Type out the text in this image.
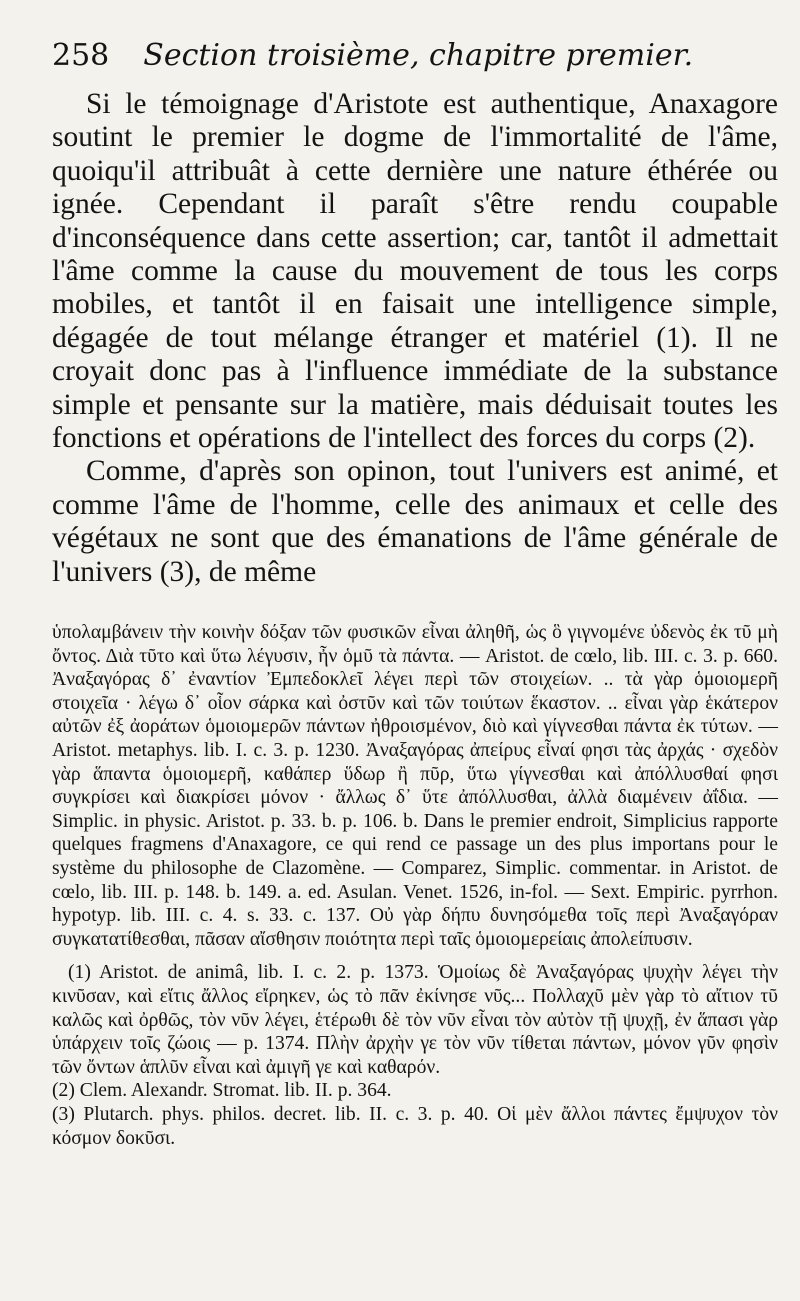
258 Section troisième, chapitre premier.

Si le témoignage d'Aristote est authentique, Anaxagore soutint le premier le dogme de l'immortalité de l'âme, quoiqu'il attribuât à cette dernière une nature éthérée ou ignée. Cependant il paraît s'être rendu coupable d'inconséquence dans cette assertion; car, tantôt il admettait l'âme comme la cause du mouvement de tous les corps mobiles, et tantôt il en faisait une intelligence simple, dégagée de tout mélange étranger et matériel (1). Il ne croyait donc pas à l'influence immédiate de la substance simple et pensante sur la matière, mais déduisait toutes les fonctions et opérations de l'intellect des forces du corps (2).

Comme, d'après son opinon, tout l'univers est animé, et comme l'âme de l'homme, celle des animaux et celle des végétaux ne sont que des émanations de l'âme générale de l'univers (3), de même

ὑπολαμβάνειν τὴν κοινὴν δόξαν τῶν φυσικῶν εἶναι ἀληθῆ, ὡς ὃ γιγνομένε ὐδενὸς ἐκ τῦ μὴ ὄντος. Διὰ τῦτο καὶ ὕτω λέγυσιν, ἦν ὁμῦ τὰ πάντα. — Aristot. de cœlo, lib. III. c. 3. p. 660. Ἀναξαγόρας δ᾽ ἐναντίον Ἐμπεδοκλεῖ λέγει περὶ τῶν στοιχείων. .. τὰ γὰρ ὁμοιομερῆ στοιχεῖα · λέγω δ᾽ οἷον σάρκα καὶ ὀστῦν καὶ τῶν τοιύτων ἕκαστον. .. εἶναι γὰρ ἑκάτερον αὐτῶν ἐξ ἀοράτων ὁμοιομερῶν πάντων ἠθροισμένον, διὸ καὶ γίγνεσθαι πάντα ἐκ τύτων. — Aristot. metaphys. lib. I. c. 3. p. 1230. Ἀναξαγόρας ἀπείρυς εἶναί φησι τὰς ἀρχάς · σχεδὸν γὰρ ἅπαντα ὁμοιομερῆ, καθάπερ ὕδωρ ἢ πῦρ, ὕτω γίγνεσθαι καὶ ἀπόλλυσθαί φησι συγκρίσει καὶ διακρίσει μόνον · ἄλλως δ᾽ ὕτε ἀπόλλυσθαι, ἀλλὰ διαμένειν ἀΐδια. — Simplic. in physic. Aristot. p. 33. b. p. 106. b. Dans le premier endroit, Simplicius rapporte quelques fragmens d'Anaxagore, ce qui rend ce passage un des plus importans pour le système du philosophe de Clazomène. — Comparez, Simplic. commentar. in Aristot. de cœlo, lib. III. p. 148. b. 149. a. ed. Asulan. Venet. 1526, in-fol. — Sext. Empiric. pyrrhon. hypotyp. lib. III. c. 4. s. 33. c. 137. Οὐ γὰρ δήπυ δυνησόμεθα τοῖς περὶ Ἀναξαγόραν συγκατατίθεσθαι, πᾶσαν αἴσθησιν ποιότητα περὶ ταῖς ὁμοιομερείαις ἀπολείπυσιν.

(1) Aristot. de animâ, lib. I. c. 2. p. 1373. Ὁμοίως δὲ Ἀναξαγόρας ψυχὴν λέγει τὴν κινῦσαν, καὶ εἴτις ἄλλος εἴρηκεν, ὡς τὸ πᾶν ἐκίνησε νῦς... Πολλαχῦ μὲν γὰρ τὸ αἴτιον τῦ καλῶς καὶ ὀρθῶς, τὸν νῦν λέγει, ἑτέρωθι δὲ τὸν νῦν εἶναι τὸν αὐτὸν τῇ ψυχῇ, ἐν ἅπασι γὰρ ὑπάρχειν τοῖς ζώοις — p. 1374. Πλὴν ἀρχὴν γε τὸν νῦν τίθεται πάντων, μόνον γῦν φησὶν τῶν ὄντων ἁπλῦν εἶναι καὶ ἀμιγῆ γε καὶ καθαρόν.

(2) Clem. Alexandr. Stromat. lib. II. p. 364.

(3) Plutarch. phys. philos. decret. lib. II. c. 3. p. 40. Οἱ μὲν ἄλλοι πάντες ἔμψυχον τὸν κόσμον δοκῦσι.
